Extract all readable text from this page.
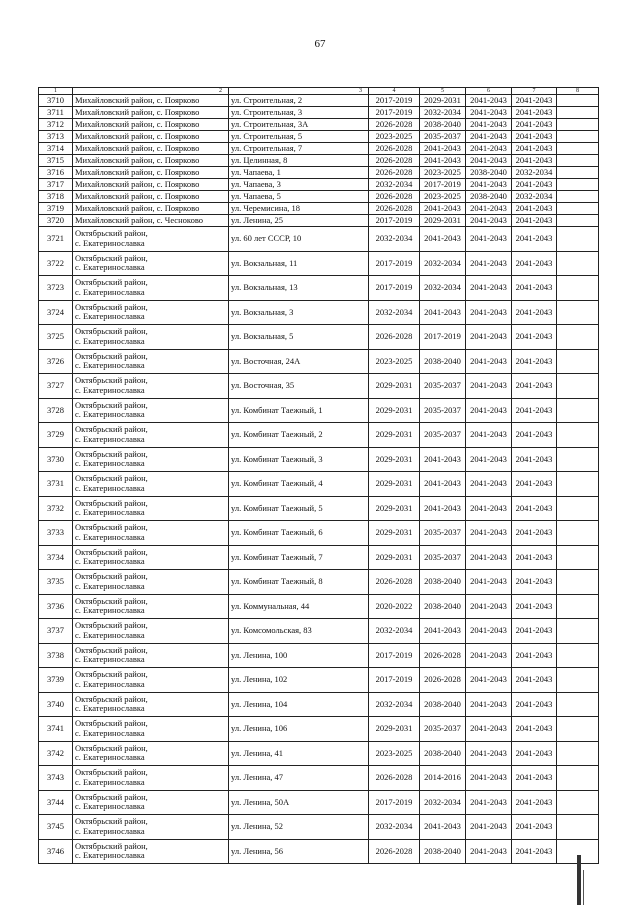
67
1	2	3	4	5	6	7	8
3710	Михайловский район, с. Поярково	ул. Строительная, 2	2017-2019	2029-2031	2041-2043	2041-2043	
3711	Михайловский район, с. Поярково	ул. Строительная, 3	2017-2019	2032-2034	2041-2043	2041-2043	
3712	Михайловский район, с. Поярково	ул. Строительная, 3А	2026-2028	2038-2040	2041-2043	2041-2043	
3713	Михайловский район, с. Поярково	ул. Строительная, 5	2023-2025	2035-2037	2041-2043	2041-2043	
3714	Михайловский район, с. Поярково	ул. Строительная, 7	2026-2028	2041-2043	2041-2043	2041-2043	
3715	Михайловский район, с. Поярково	ул. Целинная, 8	2026-2028	2041-2043	2041-2043	2041-2043	
3716	Михайловский район, с. Поярково	ул. Чапаева, 1	2026-2028	2023-2025	2038-2040	2032-2034	
3717	Михайловский район, с. Поярково	ул. Чапаева, 3	2032-2034	2017-2019	2041-2043	2041-2043	
3718	Михайловский район, с. Поярково	ул. Чапаева, 5	2026-2028	2023-2025	2038-2040	2032-2034	
3719	Михайловский район, с. Поярково	ул. Черемисина, 18	2026-2028	2041-2043	2041-2043	2041-2043	
3720	Михайловский район, с. Чесноково	ул. Ленина, 25	2017-2019	2029-2031	2041-2043	2041-2043	
3721	Октябрьский район,
с. Екатеринославка	ул. 60 лет СССР, 10	2032-2034	2041-2043	2041-2043	2041-2043	
3722	Октябрьский район,
с. Екатеринославка	ул. Вокзальная, 11	2017-2019	2032-2034	2041-2043	2041-2043	
3723	Октябрьский район,
с. Екатеринославка	ул. Вокзальная, 13	2017-2019	2032-2034	2041-2043	2041-2043	
3724	Октябрьский район,
с. Екатеринославка	ул. Вокзальная, 3	2032-2034	2041-2043	2041-2043	2041-2043	
3725	Октябрьский район,
с. Екатеринославка	ул. Вокзальная, 5	2026-2028	2017-2019	2041-2043	2041-2043	
3726	Октябрьский район,
с. Екатеринославка	ул. Восточная, 24А	2023-2025	2038-2040	2041-2043	2041-2043	
3727	Октябрьский район,
с. Екатеринославка	ул. Восточная, 35	2029-2031	2035-2037	2041-2043	2041-2043	
3728	Октябрьский район,
с. Екатеринославка	ул. Комбинат Таежный, 1	2029-2031	2035-2037	2041-2043	2041-2043	
3729	Октябрьский район,
с. Екатеринославка	ул. Комбинат Таежный, 2	2029-2031	2035-2037	2041-2043	2041-2043	
3730	Октябрьский район,
с. Екатеринославка	ул. Комбинат Таежный, 3	2029-2031	2041-2043	2041-2043	2041-2043	
3731	Октябрьский район,
с. Екатеринославка	ул. Комбинат Таежный, 4	2029-2031	2041-2043	2041-2043	2041-2043	
3732	Октябрьский район,
с. Екатеринославка	ул. Комбинат Таежный, 5	2029-2031	2041-2043	2041-2043	2041-2043	
3733	Октябрьский район,
с. Екатеринославка	ул. Комбинат Таежный, 6	2029-2031	2035-2037	2041-2043	2041-2043	
3734	Октябрьский район,
с. Екатеринославка	ул. Комбинат Таежный, 7	2029-2031	2035-2037	2041-2043	2041-2043	
3735	Октябрьский район,
с. Екатеринославка	ул. Комбинат Таежный, 8	2026-2028	2038-2040	2041-2043	2041-2043	
3736	Октябрьский район,
с. Екатеринославка	ул. Коммунальная, 44	2020-2022	2038-2040	2041-2043	2041-2043	
3737	Октябрьский район,
с. Екатеринославка	ул. Комсомольская, 83	2032-2034	2041-2043	2041-2043	2041-2043	
3738	Октябрьский район,
с. Екатеринославка	ул. Ленина, 100	2017-2019	2026-2028	2041-2043	2041-2043	
3739	Октябрьский район,
с. Екатеринославка	ул. Ленина, 102	2017-2019	2026-2028	2041-2043	2041-2043	
3740	Октябрьский район,
с. Екатеринославка	ул. Ленина, 104	2032-2034	2038-2040	2041-2043	2041-2043	
3741	Октябрьский район,
с. Екатеринославка	ул. Ленина, 106	2029-2031	2035-2037	2041-2043	2041-2043	
3742	Октябрьский район,
с. Екатеринославка	ул. Ленина, 41	2023-2025	2038-2040	2041-2043	2041-2043	
3743	Октябрьский район,
с. Екатеринославка	ул. Ленина, 47	2026-2028	2014-2016	2041-2043	2041-2043	
3744	Октябрьский район,
с. Екатеринославка	ул. Ленина, 50А	2017-2019	2032-2034	2041-2043	2041-2043	
3745	Октябрьский район,
с. Екатеринославка	ул. Ленина, 52	2032-2034	2041-2043	2041-2043	2041-2043	
3746	Октябрьский район,
с. Екатеринославка	ул. Ленина, 56	2026-2028	2038-2040	2041-2043	2041-2043	
